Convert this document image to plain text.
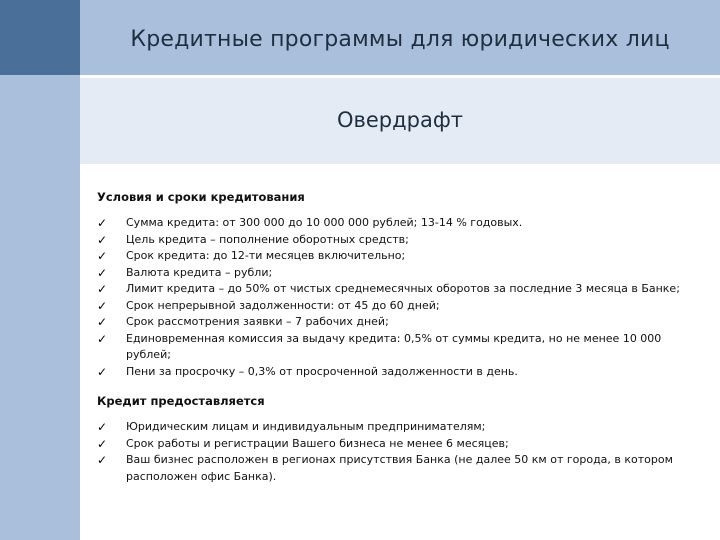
Кредитные программы для юридических лиц
Овердрафт

Условия и сроки кредитования

✓ Сумма кредита: от 300 000 до 10 000 000 рублей; 13-14 % годовых.
✓ Цель кредита – пополнение оборотных средств;
✓ Срок кредита: до 12-ти месяцев включительно;
✓ Валюта кредита – рубли;
✓ Лимит кредита – до 50% от чистых среднемесячных оборотов за последние 3 месяца в Банке;
✓ Срок непрерывной задолженности: от 45 до 60 дней;
✓ Срок рассмотрения заявки – 7 рабочих дней;
✓ Единовременная комиссия за выдачу кредита: 0,5% от суммы кредита, но не менее 10 000 рублей;
✓ Пени за просрочку – 0,3% от просроченной задолженности в день.

Кредит предоставляется

✓ Юридическим лицам и индивидуальным предпринимателям;
✓ Срок работы и регистрации Вашего бизнеса не менее 6 месяцев;
✓ Ваш бизнес расположен в регионах присутствия Банка (не далее 50 км от города, в котором расположен офис Банка).
